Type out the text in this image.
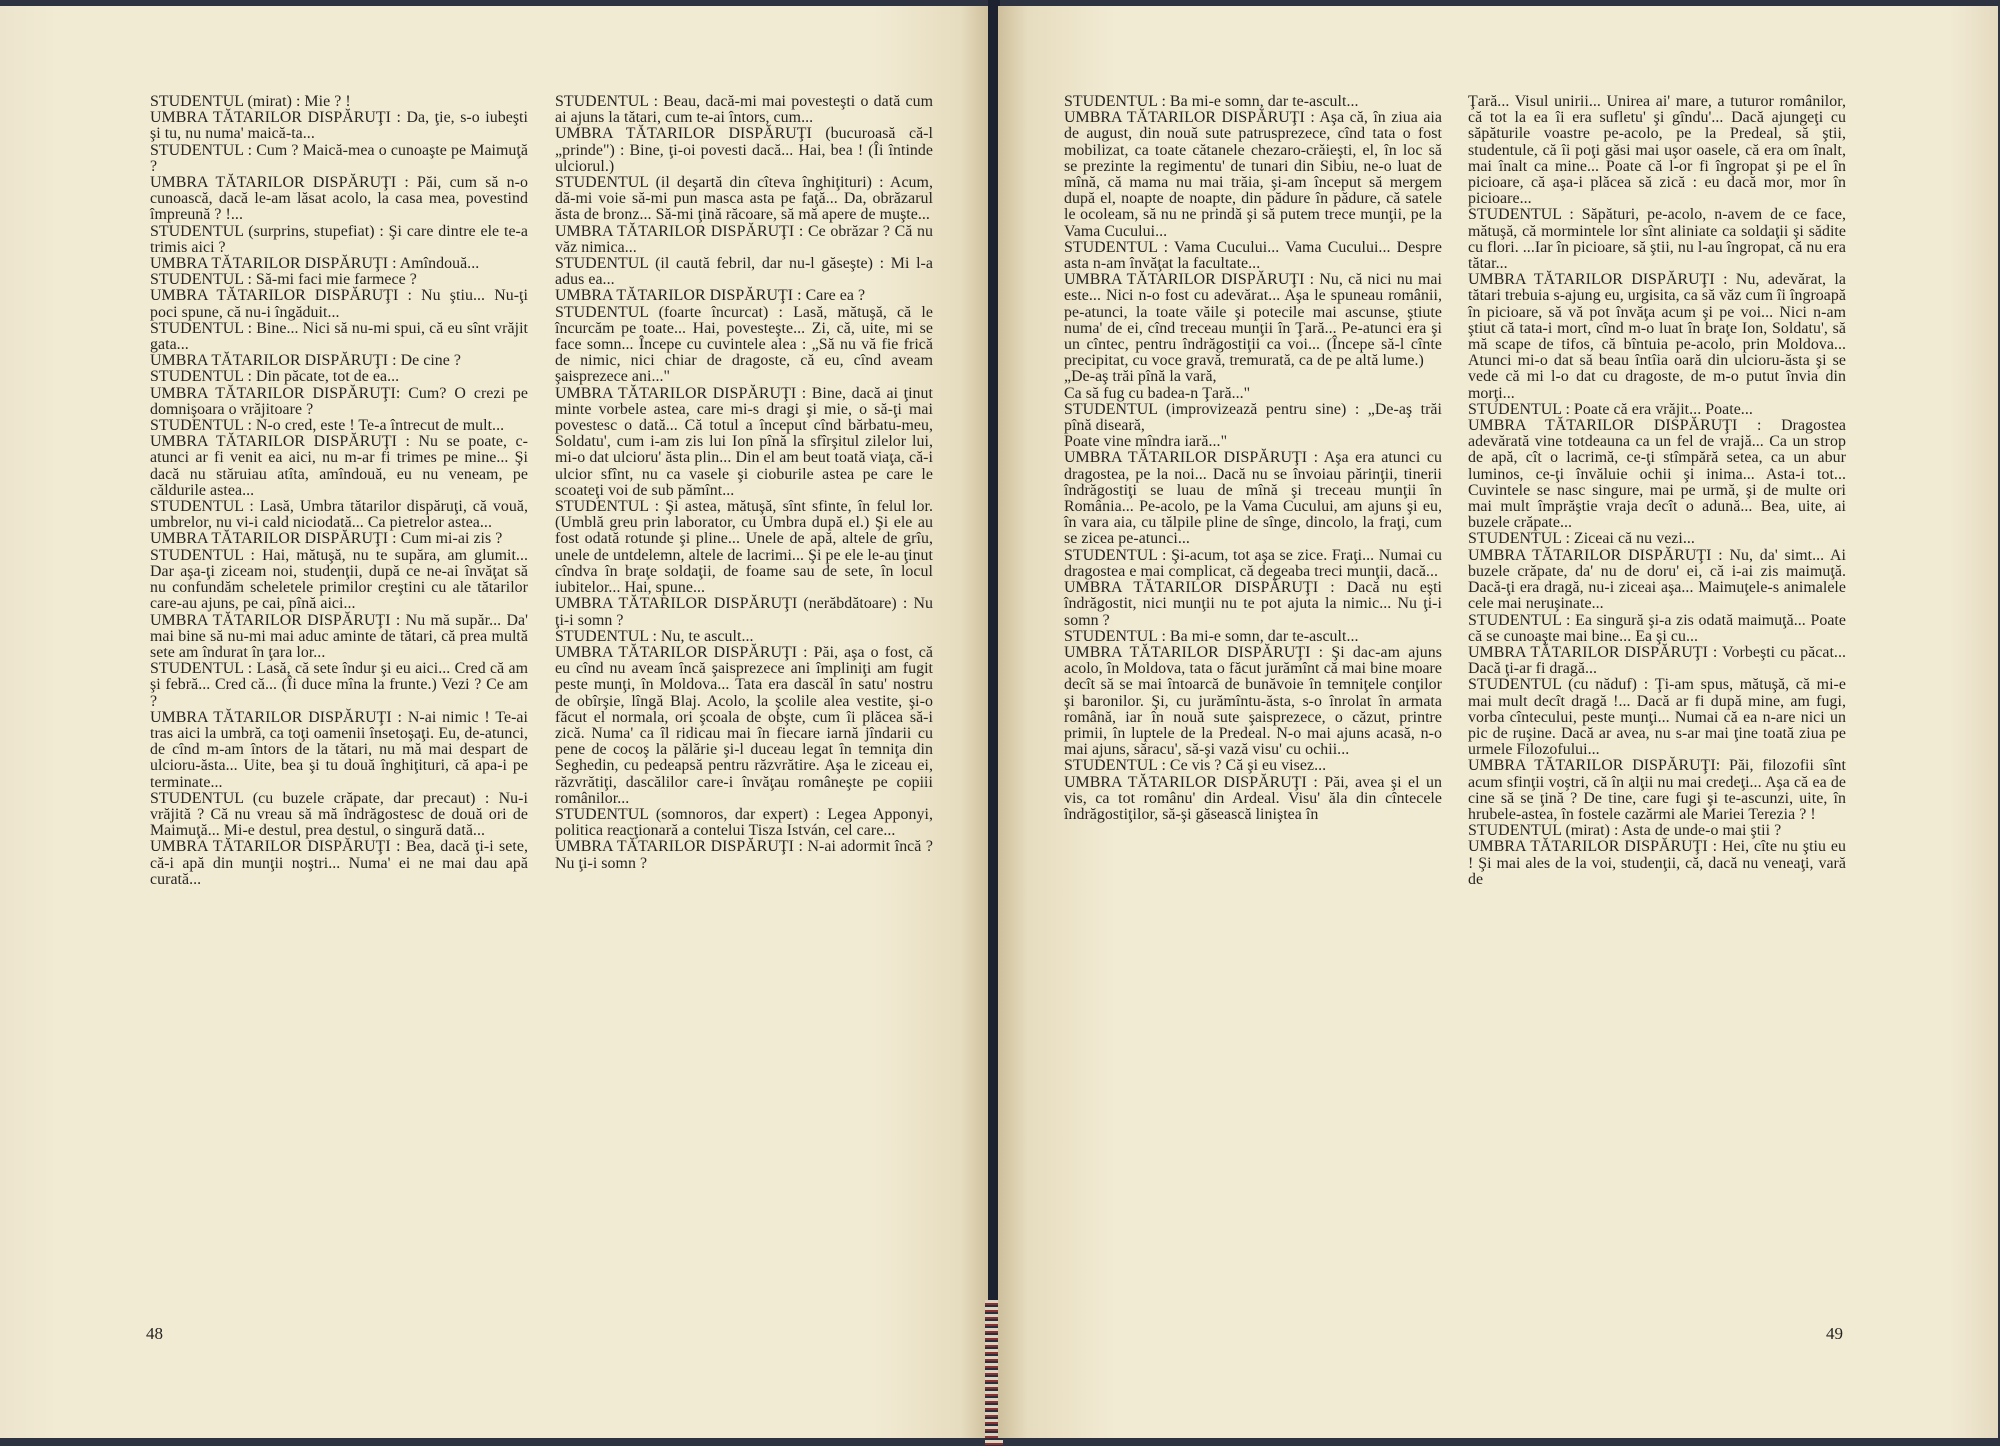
STUDENTUL (mirat) : Mie ? !
UMBRA TĂTARILOR DISPĂRUŢI : Da, ţie, s-o iubeşti şi tu, nu numa' maică-ta...
STUDENTUL : Cum ? Maică-mea o cunoaşte pe Maimuţă ?
UMBRA TĂTARILOR DISPĂRUŢI : Păi, cum să n-o cunoască, dacă le-am lăsat acolo, la casa mea, povestind împreună ? !...
STUDENTUL (surprins, stupefiat) : Şi care dintre ele te-a trimis aici ?
UMBRA TĂTARILOR DISPĂRUŢI : Amîndouă...
STUDENTUL : Să-mi faci mie farmece ?
UMBRA TĂTARILOR DISPĂRUŢI : Nu ştiu... Nu-ţi poci spune, că nu-i îngăduit...
STUDENTUL : Bine... Nici să nu-mi spui, că eu sînt vrăjit gata...
UMBRA TĂTARILOR DISPĂRUŢI : De cine ?
STUDENTUL : Din păcate, tot de ea...
UMBRA TĂTARILOR DISPĂRUŢI: Cum? O crezi pe domnişoara o vrăjitoare ?
STUDENTUL : N-o cred, este ! Te-a întrecut de mult...
UMBRA TĂTARILOR DISPĂRUŢI : Nu se poate, c-atunci ar fi venit ea aici, nu m-ar fi trimes pe mine... Şi dacă nu stăruiau atîta, amîndouă, eu nu veneam, pe căldurile astea...
STUDENTUL : Lasă, Umbra tătarilor dispăruţi, că vouă, umbrelor, nu vi-i cald niciodată... Ca pietrelor astea...
UMBRA TĂTARILOR DISPĂRUŢI : Cum mi-ai zis ?
STUDENTUL : Hai, mătuşă, nu te supăra, am glumit... Dar aşa-ţi ziceam noi, studenţii, după ce ne-ai învăţat să nu confundăm scheletele primilor creştini cu ale tătarilor care-au ajuns, pe cai, pînă aici...
UMBRA TĂTARILOR DISPĂRUŢI : Nu mă supăr... Da' mai bine să nu-mi mai aduc aminte de tătari, că prea multă sete am îndurat în ţara lor...
STUDENTUL : Lasă, că sete îndur şi eu aici... Cred că am şi febră... Cred că... (Îi duce mîna la frunte.) Vezi ? Ce am ?
UMBRA TĂTARILOR DISPĂRUŢI : N-ai nimic ! Te-ai tras aici la umbră, ca toţi oamenii însetoşaţi. Eu, de-atunci, de cînd m-am întors de la tătari, nu mă mai despart de ulcioru-ăsta... Uite, bea şi tu două înghiţituri, că apa-i pe terminate...
STUDENTUL (cu buzele crăpate, dar precaut) : Nu-i vrăjită ? Că nu vreau să mă îndrăgostesc de două ori de Maimuţă... Mi-e destul, prea destul, o singură dată...
UMBRA TĂTARILOR DISPĂRUŢI : Bea, dacă ţi-i sete, că-i apă din munţii noştri... Numa' ei ne mai dau apă curată...
STUDENTUL : Beau, dacă-mi mai povesteşti o dată cum ai ajuns la tătari, cum te-ai întors, cum...
UMBRA TĂTARILOR DISPĂRUŢI (bucuroasă că-l „prinde") : Bine, ţi-oi povesti dacă... Hai, bea ! (Îi întinde ulciorul.)
STUDENTUL (il deşartă din cîteva înghiţituri) : Acum, dă-mi voie să-mi pun masca asta pe faţă... Da, obrăzarul ăsta de bronz... Să-mi ţină răcoare, să mă apere de muşte...
UMBRA TĂTARILOR DISPĂRUŢI : Ce obrăzar ? Că nu văz nimica...
STUDENTUL (il caută febril, dar nu-l găseşte) : Mi l-a adus ea...
UMBRA TĂTARILOR DISPĂRUŢI : Care ea ?
STUDENTUL (foarte încurcat) : Lasă, mătuşă, că le încurcăm pe toate... Hai, povesteşte... Zi, că, uite, mi se face somn... Începe cu cuvintele alea : „Să nu vă fie frică de nimic, nici chiar de dragoste, că eu, cînd aveam şaisprezece ani..."
UMBRA TĂTARILOR DISPĂRUŢI : Bine, dacă ai ţinut minte vorbele astea, care mi-s dragi şi mie, o să-ţi mai povestesc o dată... Că totul a început cînd bărbatu-meu, Soldatu', cum i-am zis lui Ion pînă la sfîrşitul zilelor lui, mi-o dat ulcioru' ăsta plin... Din el am beut toată viaţa, că-i ulcior sfînt, nu ca vasele şi cioburile astea pe care le scoateţi voi de sub pămînt...
STUDENTUL : Şi astea, mătuşă, sînt sfinte, în felul lor. (Umblă greu prin laborator, cu Umbra după el.) Şi ele au fost odată rotunde şi pline... Unele de apă, altele de grîu, unele de untdelemn, altele de lacrimi... Şi pe ele le-au ţinut cîndva în braţe soldaţii, de foame sau de sete, în locul iubitelor... Hai, spune...
UMBRA TĂTARILOR DISPĂRUŢI (nerăbdătoare) : Nu ţi-i somn ?
STUDENTUL : Nu, te ascult...
UMBRA TĂTARILOR DISPĂRUŢI : Păi, aşa o fost, că eu cînd nu aveam încă şaisprezece ani împliniţi am fugit peste munţi, în Moldova... Tata era dascăl în satu' nostru de obîrşie, lîngă Blaj. Acolo, la şcolile alea vestite, şi-o făcut el normala, ori şcoala de obşte, cum îi plăcea să-i zică. Numa' ca îl ridicau mai în fiecare iarnă jîndarii cu pene de cocoş la pălărie şi-l duceau legat în temniţa din Seghedin, cu pedeapsă pentru răzvrătire. Aşa le ziceau ei, răzvrătiţi, dascălilor care-i învăţau româneşte pe copiii românilor...
STUDENTUL (somnoros, dar expert) : Legea Apponyi, politica reacţionară a contelui Tisza István, cel care...
UMBRA TĂTARILOR DISPĂRUŢI : N-ai adormit încă ? Nu ţi-i somn ?
48
STUDENTUL : Ba mi-e somn, dar te-ascult...
UMBRA TĂTARILOR DISPĂRUŢI : Aşa că, în ziua aia de august, din nouă sute patrusprezece, cînd tata o fost mobilizat, ca toate cătanele chezaro-crăieşti, el, în loc să se prezinte la regimentu' de tunari din Sibiu, ne-o luat de mînă, că mama nu mai trăia, şi-am început să mergem după el, noapte de noapte, din pădure în pădure, că satele le ocoleam, să nu ne prindă şi să putem trece munţii, pe la Vama Cucului...
STUDENTUL : Vama Cucului... Vama Cucului... Despre asta n-am învăţat la facultate...
UMBRA TĂTARILOR DISPĂRUŢI : Nu, că nici nu mai este... Nici n-o fost cu adevărat... Aşa le spuneau românii, pe-atunci, la toate văile şi potecile mai ascunse, ştiute numa' de ei, cînd treceau munţii în Ţară... Pe-atunci era şi un cîntec, pentru îndrăgostiţii ca voi... (Începe să-l cînte precipitat, cu voce gravă, tremurată, ca de pe altă lume.)
„De-aş trăi pînă la vară,
Ca să fug cu badea-n Ţară..."
STUDENTUL (improvizează pentru sine) : „De-aş trăi pînă diseară,
Poate vine mîndra iară..."
UMBRA TĂTARILOR DISPĂRUŢI : Aşa era atunci cu dragostea, pe la noi... Dacă nu se învoiau părinţii, tinerii îndrăgostiţi se luau de mînă şi treceau munţii în România... Pe-acolo, pe la Vama Cucului, am ajuns şi eu, în vara aia, cu tălpile pline de sînge, dincolo, la fraţi, cum se zicea pe-atunci...
STUDENTUL : Şi-acum, tot aşa se zice. Fraţi... Numai cu dragostea e mai complicat, că degeaba treci munţii, dacă...
UMBRA TĂTARILOR DISPĂRUŢI : Dacă nu eşti îndrăgostit, nici munţii nu te pot ajuta la nimic... Nu ţi-i somn ?
STUDENTUL : Ba mi-e somn, dar te-ascult...
UMBRA TĂTARILOR DISPĂRUŢI : Şi dac-am ajuns acolo, în Moldova, tata o făcut jurămînt că mai bine moare decît să se mai întoarcă de bunăvoie în temniţele conţilor şi baronilor. Şi, cu jurămîntu-ăsta, s-o înrolat în armata română, iar în nouă sute şaisprezece, o căzut, printre primii, în luptele de la Predeal. N-o mai ajuns acasă, n-o mai ajuns, săracu', să-şi vază visu' cu ochii...
STUDENTUL : Ce vis ? Că şi eu visez...
UMBRA TĂTARILOR DISPĂRUŢI : Păi, avea şi el un vis, ca tot românu' din Ardeal. Visu' ăla din cîntecele îndrăgostiţilor, să-şi găsească liniştea în
Ţară... Visul unirii... Unirea ai' mare, a tuturor românilor, că tot la ea îi era sufletu' şi gîndu'... Dacă ajungeţi cu săpăturile voastre pe-acolo, pe la Predeal, să ştii, studentule, că îi poţi găsi mai uşor oasele, că era om înalt, mai înalt ca mine... Poate că l-or fi îngropat şi pe el în picioare, că aşa-i plăcea să zică : eu dacă mor, mor în picioare...
STUDENTUL : Săpături, pe-acolo, n-avem de ce face, mătuşă, că mormintele lor sînt aliniate ca soldaţii şi sădite cu flori. ...Iar în picioare, să ştii, nu l-au îngropat, că nu era tătar...
UMBRA TĂTARILOR DISPĂRUŢI : Nu, adevărat, la tătari trebuia s-ajung eu, urgisita, ca să văz cum îi îngroapă în picioare, să vă pot învăţa acum şi pe voi... Nici n-am ştiut că tata-i mort, cînd m-o luat în braţe Ion, Soldatu', să mă scape de tifos, că bîntuia pe-acolo, prin Moldova... Atunci mi-o dat să beau întîia oară din ulcioru-ăsta şi se vede că mi l-o dat cu dragoste, de m-o putut învia din morţi...
STUDENTUL : Poate că era vrăjit... Poate...
UMBRA TĂTARILOR DISPĂRUŢI : Dragostea adevărată vine totdeauna ca un fel de vrajă... Ca un strop de apă, cît o lacrimă, ce-ţi stîmpără setea, ca un abur luminos, ce-ţi învăluie ochii şi inima... Asta-i tot... Cuvintele se nasc singure, mai pe urmă, şi de multe ori mai mult împrăştie vraja decît o adună... Bea, uite, ai buzele crăpate...
STUDENTUL : Ziceai că nu vezi...
UMBRA TĂTARILOR DISPĂRUŢI : Nu, da' simt... Ai buzele crăpate, da' nu de doru' ei, că i-ai zis maimuţă. Dacă-ţi era dragă, nu-i ziceai aşa... Maimuţele-s animalele cele mai neruşinate...
STUDENTUL : Ea singură şi-a zis odată maimuţă... Poate că se cunoaşte mai bine... Ea şi cu...
UMBRA TĂTARILOR DISPĂRUŢI : Vorbeşti cu păcat... Dacă ţi-ar fi dragă...
STUDENTUL (cu năduf) : Ţi-am spus, mătuşă, că mi-e mai mult decît dragă !... Dacă ar fi după mine, am fugi, vorba cîntecului, peste munţi... Numai că ea n-are nici un pic de ruşine. Dacă ar avea, nu s-ar mai ţine toată ziua pe urmele Filozofului...
UMBRA TĂTARILOR DISPĂRUŢI: Păi, filozofii sînt acum sfinţii voştri, că în alţii nu mai credeţi... Aşa că ea de cine să se ţină ? De tine, care fugi şi te-ascunzi, uite, în hrubele-astea, în fostele cazărmi ale Mariei Terezia ? !
STUDENTUL (mirat) : Asta de unde-o mai ştii ?
UMBRA TĂTARILOR DISPĂRUŢI : Hei, cîte nu ştiu eu ! Şi mai ales de la voi, studenţii, că, dacă nu veneaţi, vară de
49
